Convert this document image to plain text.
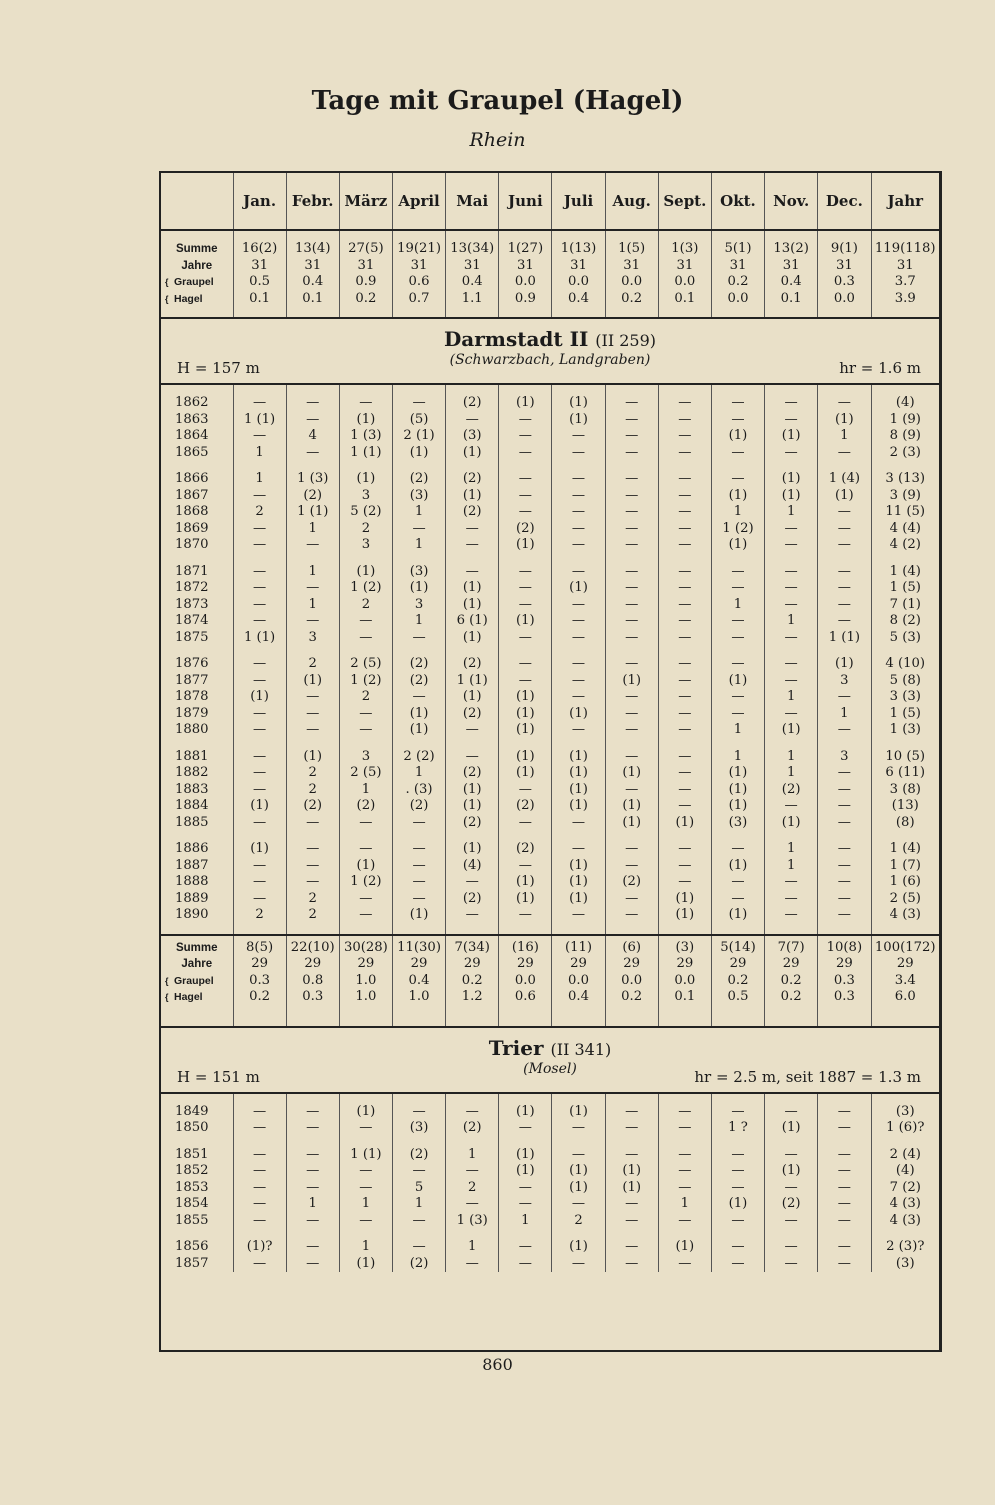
Tage mit Graupel (Hagel)
Rhein
	Jan.	Febr.	März	April	Mai	Juni	Juli	Aug.	Sept.	Okt.	Nov.	Dec.	Jahr

Summe	16(2)	13(4)	27(5)	19(21)	13(34)	1(27)	1(13)	1(5)	1(3)	5(1)	13(2)	9(1)	119(118)
Jahre	31	31	31	31	31	31	31	31	31	31	31	31	31
{ Graupel	0.5	0.4	0.9	0.6	0.4	0.0	0.0	0.0	0.0	0.2	0.4	0.3	3.7
{ Hagel	0.1	0.1	0.2	0.7	1.1	0.9	0.4	0.2	0.1	0.0	0.1	0.0	3.9

Darmstadt II (II 259)
(Schwarzbach, Landgraben)
H = 157 m hr = 1.6 m													

1862	—	—	—	—	(2)	(1)	(1)	—	—	—	—	—	(4)
1863	1 (1)	—	(1)	(5)	—	—	(1)	—	—	—	—	(1)	1 (9)
1864	—	4	1 (3)	2 (1)	(3)	—	—	—	—	(1)	(1)	1	8 (9)
1865	1	—	1 (1)	(1)	(1)	—	—	—	—	—	—	—	2 (3)

1866	1	1 (3)	(1)	(2)	(2)	—	—	—	—	—	(1)	1 (4)	3 (13)
1867	—	(2)	3	(3)	(1)	—	—	—	—	(1)	(1)	(1)	3 (9)
1868	2	1 (1)	5 (2)	1	(2)	—	—	—	—	1	1	—	11 (5)
1869	—	1	2	—	—	(2)	—	—	—	1 (2)	—	—	4 (4)
1870	—	—	3	1	—	(1)	—	—	—	(1)	—	—	4 (2)

1871	—	1	(1)	(3)	—	—	—	—	—	—	—	—	1 (4)
1872	—	—	1 (2)	(1)	(1)	—	(1)	—	—	—	—	—	1 (5)
1873	—	1	2	3	(1)	—	—	—	—	1	—	—	7 (1)
1874	—	—	—	1	6 (1)	(1)	—	—	—	—	1	—	8 (2)
1875	1 (1)	3	—	—	(1)	—	—	—	—	—	—	1 (1)	5 (3)

1876	—	2	2 (5)	(2)	(2)	—	—	—	—	—	—	(1)	4 (10)
1877	—	(1)	1 (2)	(2)	1 (1)	—	—	(1)	—	(1)	—	3	5 (8)
1878	(1)	—	2	—	(1)	(1)	—	—	—	—	1	—	3 (3)
1879	—	—	—	(1)	(2)	(1)	(1)	—	—	—	—	1	1 (5)
1880	—	—	—	(1)	—	(1)	—	—	—	1	(1)	—	1 (3)

1881	—	(1)	3	2 (2)	—	(1)	(1)	—	—	1	1	3	10 (5)
1882	—	2	2 (5)	1	(2)	(1)	(1)	(1)	—	(1)	1	—	6 (11)
1883	—	2	1	. (3)	(1)	—	(1)	—	—	(1)	(2)	—	3 (8)
1884	(1)	(2)	(2)	(2)	(1)	(2)	(1)	(1)	—	(1)	—	—	(13)
1885	—	—	—	—	(2)	—	—	(1)	(1)	(3)	(1)	—	(8)

1886	(1)	—	—	—	(1)	(2)	—	—	—	—	1	—	1 (4)
1887	—	—	(1)	—	(4)	—	(1)	—	—	(1)	1	—	1 (7)
1888	—	—	1 (2)	—	—	(1)	(1)	(2)	—	—	—	—	1 (6)
1889	—	2	—	—	(2)	(1)	(1)	—	(1)	—	—	—	2 (5)
1890	2	2	—	(1)	—	—	—	—	(1)	(1)	—	—	4 (3)

Summe	8(5)	22(10)	30(28)	11(30)	7(34)	(16)	(11)	(6)	(3)	5(14)	7(7)	10(8)	100(172)
Jahre	29	29	29	29	29	29	29	29	29	29	29	29	29
{ Graupel	0.3	0.8	1.0	0.4	0.2	0.0	0.0	0.0	0.0	0.2	0.2	0.3	3.4
{ Hagel	0.2	0.3	1.0	1.0	1.2	0.6	0.4	0.2	0.1	0.5	0.2	0.3	6.0

Trier (II 341)
(Mosel)
H = 151 m hr = 2.5 m, seit 1887 = 1.3 m													

1849	—	—	(1)	—	—	(1)	(1)	—	—	—	—	—	(3)
1850	—	—	—	(3)	(2)	—	—	—	—	1 ?	(1)	—	1 (6)?

1851	—	—	1 (1)	(2)	1	(1)	—	—	—	—	—	—	2 (4)
1852	—	—	—	—	—	(1)	(1)	(1)	—	—	(1)	—	(4)
1853	—	—	—	5	2	—	(1)	(1)	—	—	—	—	7 (2)
1854	—	1	1	1	—	—	—	—	1	(1)	(2)	—	4 (3)
1855	—	—	—	—	1 (3)	1	2	—	—	—	—	—	4 (3)

1856	(1)?	—	1	—	1	—	(1)	—	(1)	—	—	—	2 (3)?
1857	—	—	(1)	(2)	—	—	—	—	—	—	—	—	(3)
860
